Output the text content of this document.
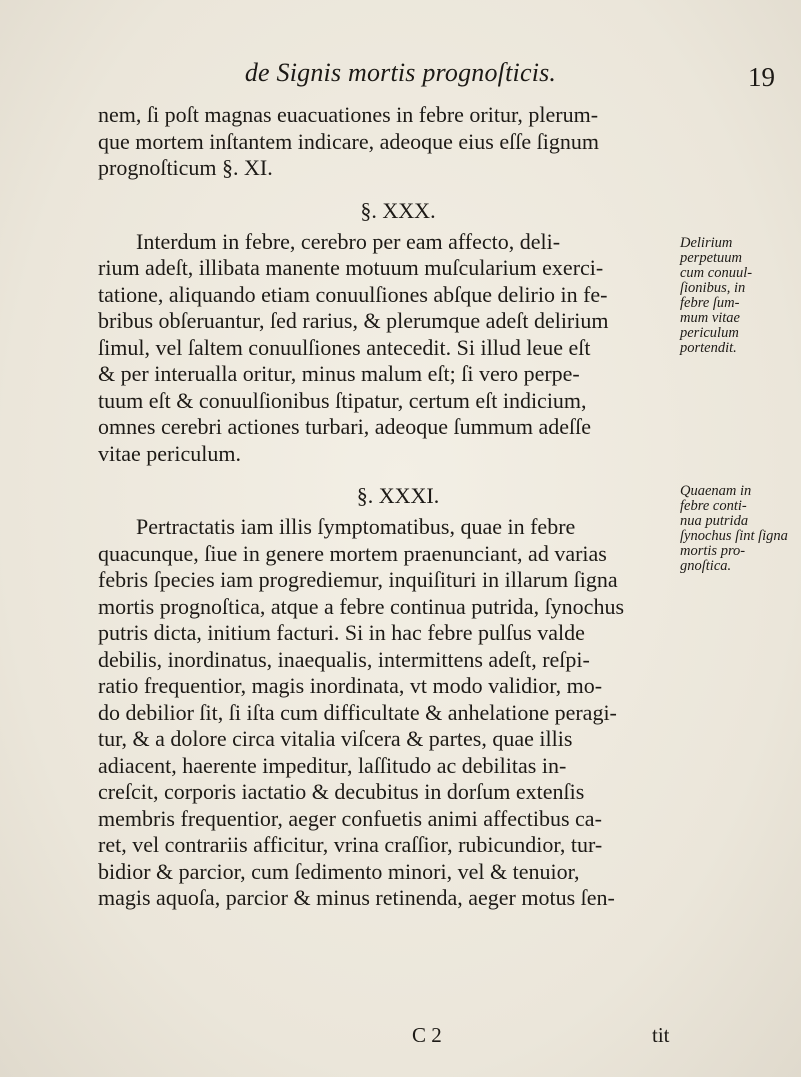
de Signis mortis prognoſticis.	19
nem, ſi poſt magnas euacuationes in febre oritur, plerum-
que mortem inſtantem indicare, adeoque eius eſſe ſignum
prognoſticum §. XI.
§. XXX.
Interdum in febre, cerebro per eam affecto, deli-
rium adeſt, illibata manente motuum muſcularium exerci-
tatione, aliquando etiam conuulſiones abſque delirio in fe-
bribus obſeruantur, ſed rarius, & plerumque adeſt delirium
ſimul, vel ſaltem conuulſiones antecedit. Si illud leue eſt
& per interualla oritur, minus malum eſt; ſi vero perpe-
tuum eſt & conuulſionibus ſtipatur, certum eſt indicium,
omnes cerebri actiones turbari, adeoque ſummum adeſſe
vitae periculum.
§. XXXI.
Pertractatis iam illis ſymptomatibus, quae in febre
quacunque, ſiue in genere mortem praenunciant, ad varias
febris ſpecies iam progrediemur, inquiſituri in illarum ſigna
mortis prognoſtica, atque a febre continua putrida, ſynochus
putris dicta, initium facturi. Si in hac febre pulſus valde
debilis, inordinatus, inaequalis, intermittens adeſt, reſpi-
ratio frequentior, magis inordinata, vt modo validior, mo-
do debilior ſit, ſi iſta cum difficultate & anhelatione peragi-
tur, & a dolore circa vitalia viſcera & partes, quae illis
adiacent, haerente impeditur, laſſitudo ac debilitas in-
creſcit, corporis iactatio & decubitus in dorſum extenſis
membris frequentior, aeger confuetis animi affectibus ca-
ret, vel contrariis afficitur, vrina craſſior, rubicundior, tur-
bidior & parcior, cum ſedimento minori, vel & tenuior,
magis aquoſa, parcior & minus retinenda, aeger motus ſen-
Delirium
perpetuum
cum conuul-
ſionibus, in
febre ſum-
mum vitae
periculum
portendit.
Quaenam in
febre conti-
nua putrida
ſynochus ſint ſigna
mortis pro-
gnoſtica.
C 2	tit
